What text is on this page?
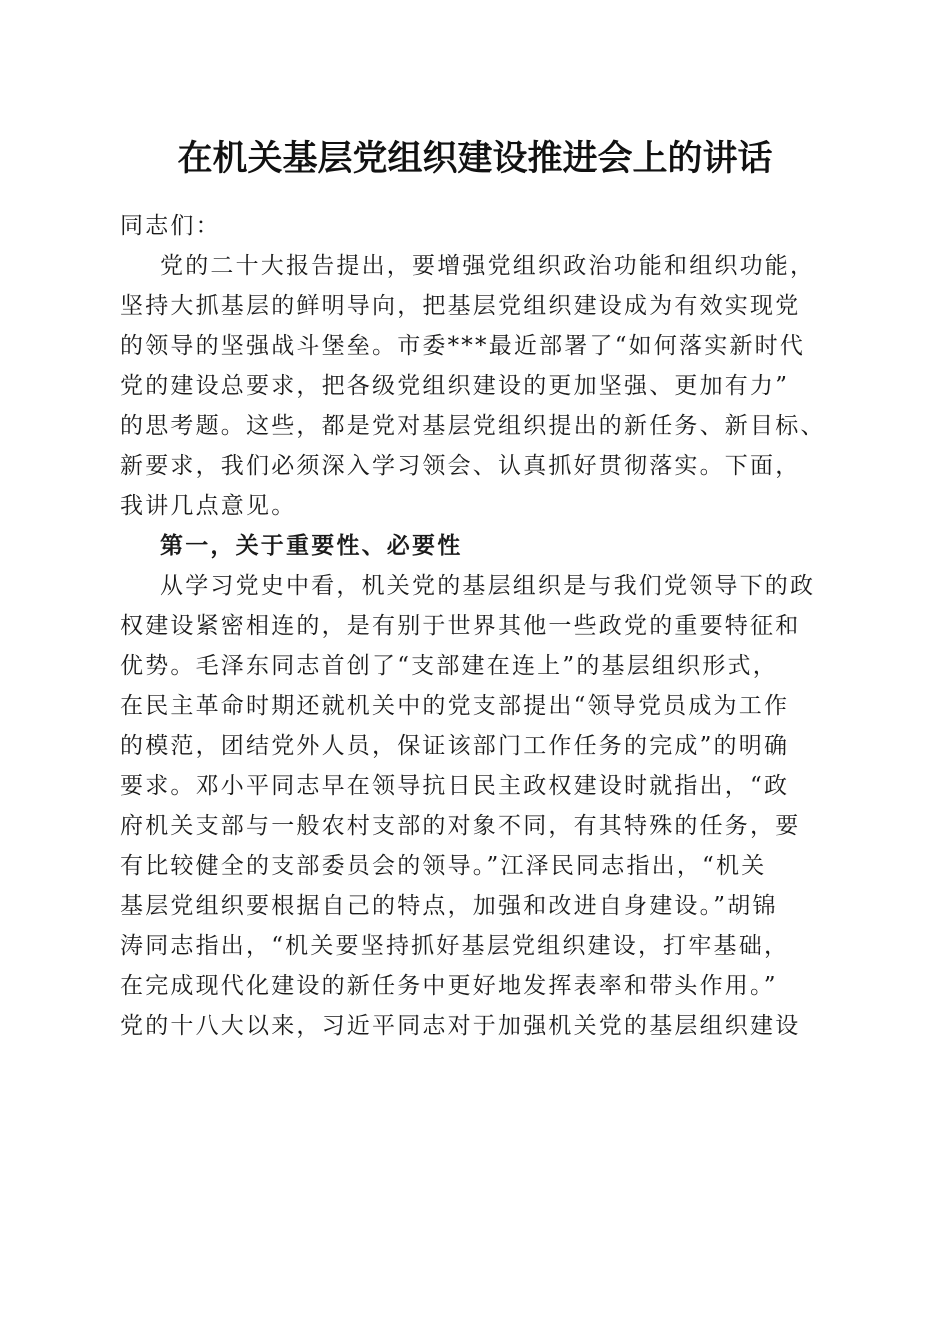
在机关基层党组织建设推进会上的讲话
同志们：
党的二十大报告提出，要增强党组织政治功能和组织功能，
坚持大抓基层的鲜明导向，把基层党组织建设成为有效实现党
的领导的坚强战斗堡垒。市委***最近部署了“如何落实新时代
党的建设总要求，把各级党组织建设的更加坚强、更加有力”
的思考题。这些，都是党对基层党组织提出的新任务、新目标、
新要求，我们必须深入学习领会、认真抓好贯彻落实。下面，
我讲几点意见。
第一，关于重要性、必要性
从学习党史中看，机关党的基层组织是与我们党领导下的政
权建设紧密相连的，是有别于世界其他一些政党的重要特征和
优势。毛泽东同志首创了“支部建在连上”的基层组织形式，
在民主革命时期还就机关中的党支部提出“领导党员成为工作
的模范，团结党外人员，保证该部门工作任务的完成”的明确
要求。邓小平同志早在领导抗日民主政权建设时就指出，“政
府机关支部与一般农村支部的对象不同，有其特殊的任务，要
有比较健全的支部委员会的领导。”江泽民同志指出，“机关
基层党组织要根据自己的特点，加强和改进自身建设。”胡锦
涛同志指出，“机关要坚持抓好基层党组织建设，打牢基础，
在完成现代化建设的新任务中更好地发挥表率和带头作用。”
党的十八大以来，习近平同志对于加强机关党的基层组织建设
